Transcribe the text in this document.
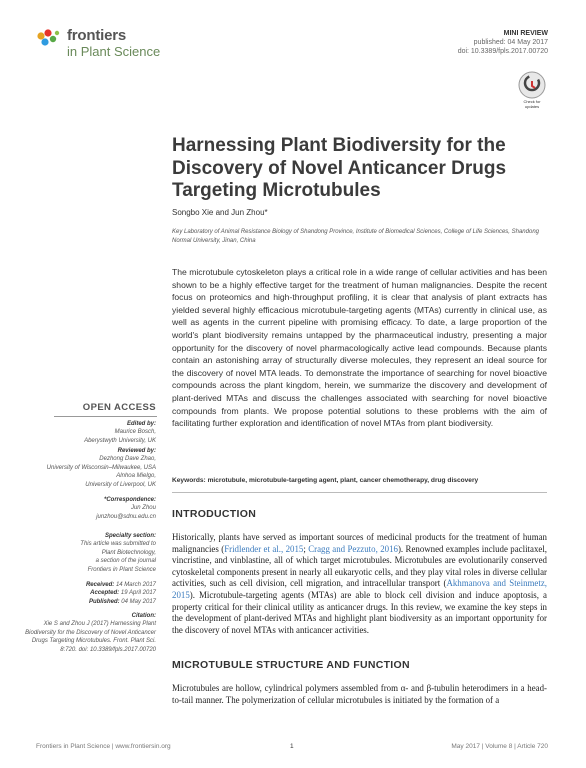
frontiers
in Plant Science
MINI REVIEW
published: 04 May 2017
doi: 10.3389/fpls.2017.00720
Check for updates
Harnessing Plant Biodiversity for the Discovery of Novel Anticancer Drugs Targeting Microtubules
Songbo Xie and Jun Zhou*
Key Laboratory of Animal Resistance Biology of Shandong Province, Institute of Biomedical Sciences, College of Life Sciences, Shandong Normal University, Jinan, China
The microtubule cytoskeleton plays a critical role in a wide range of cellular activities and has been shown to be a highly effective target for the treatment of human malignancies. Despite the recent focus on proteomics and high-throughput profiling, it is clear that analysis of plant extracts has yielded several highly efficacious microtubule-targeting agents (MTAs) currently in clinical use, as well as agents in the current pipeline with promising efficacy. To date, a large proportion of the world's plant biodiversity remains untapped by the pharmaceutical industry, presenting a major opportunity for the discovery of novel pharmacologically active lead compounds. Because plants contain an astonishing array of structurally diverse molecules, they represent an ideal source for the discovery of novel MTA leads. To demonstrate the importance of searching for novel bioactive compounds across the plant kingdom, herein, we summarize the discovery and development of plant-derived MTAs and discuss the challenges associated with searching for novel bioactive compounds from plants. We propose potential solutions to these problems with the aim of facilitating further exploration and identification of novel MTAs from plant biodiversity.
Keywords: microtubule, microtubule-targeting agent, plant, cancer chemotherapy, drug discovery
INTRODUCTION
Historically, plants have served as important sources of medicinal products for the treatment of human malignancies (Fridlender et al., 2015; Cragg and Pezzuto, 2016). Renowned examples include paclitaxel, vincristine, and vinblastine, all of which target microtubules. Microtubules are evolutionarily conserved cytoskeletal components present in nearly all eukaryotic cells, and they play vital roles in diverse cellular activities, such as cell division, cell migration, and intracellular transport (Akhmanova and Steinmetz, 2015). Microtubule-targeting agents (MTAs) are able to block cell division and induce apoptosis, a property critical for their clinical utility as anticancer drugs. In this review, we examine the key steps in the development of plant-derived MTAs and highlight plant biodiversity as an important opportunity for the discovery of novel MTAs with anticancer activities.
MICROTUBULE STRUCTURE AND FUNCTION
Microtubules are hollow, cylindrical polymers assembled from α- and β-tubulin heterodimers in a head-to-tail manner. The polymerization of cellular microtubules is initiated by the formation of a
OPEN ACCESS
Edited by:
Maurice Bosch,
Aberystwyth University, UK
Reviewed by:
Dezhong Dave Zhao,
University of Wisconsin–Milwaukee, USA
Alnhoa Mielgo,
University of Liverpool, UK
*Correspondence:
Jun Zhou
junzhou@sdnu.edu.cn
Specialty section:
This article was submitted to
Plant Biotechnology,
a section of the journal
Frontiers in Plant Science
Received: 14 March 2017
Accepted: 19 April 2017
Published: 04 May 2017
Citation:
Xie S and Zhou J (2017) Harnessing Plant Biodiversity for the Discovery of Novel Anticancer Drugs Targeting Microtubules. Front. Plant Sci. 8:720. doi: 10.3389/fpls.2017.00720
Frontiers in Plant Science | www.frontiersin.org	1	May 2017 | Volume 8 | Article 720
